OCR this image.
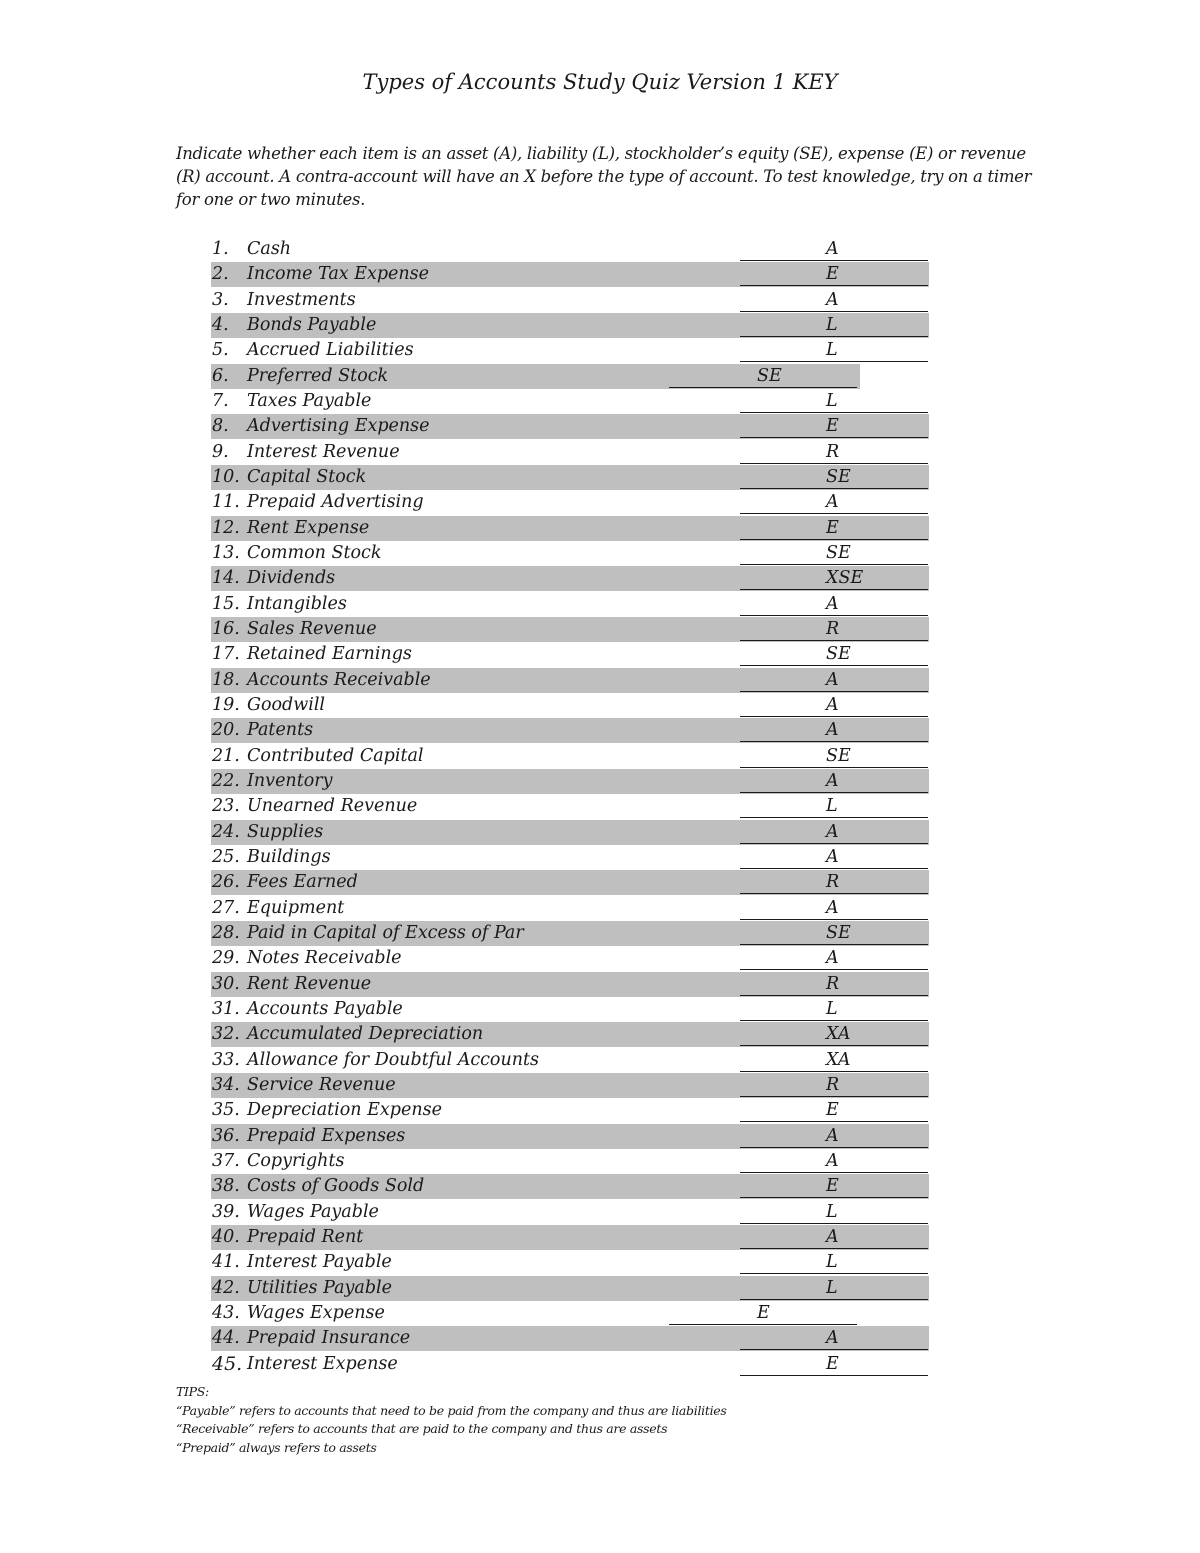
Types of Accounts Study Quiz Version 1 KEY
Indicate whether each item is an asset (A), liability (L), stockholder’s equity (SE), expense (E) or revenue (R) account. A contra-account will have an X before the type of account. To test knowledge, try on a timer for one or two minutes.
1.	Cash	A
2.	Income Tax Expense	E
3.	Investments	A
4.	Bonds Payable	L
5.	Accrued Liabilities	L
6.	Preferred Stock	SE
7.	Taxes Payable	L
8.	Advertising Expense	E
9.	Interest Revenue	R
10. Capital Stock	SE
11. Prepaid Advertising	A
12. Rent Expense	E
13. Common Stock	SE
14. Dividends	XSE
15. Intangibles	A
16. Sales Revenue	R
17. Retained Earnings	SE
18. Accounts Receivable	A
19. Goodwill	A
20. Patents	A
21. Contributed Capital	SE
22. Inventory	A
23. Unearned Revenue	L
24. Supplies	A
25. Buildings	A
26. Fees Earned	R
27. Equipment	A
28. Paid in Capital of Excess of Par	SE
29. Notes Receivable	A
30. Rent Revenue	R
31. Accounts Payable	L
32. Accumulated Depreciation	XA
33. Allowance for Doubtful Accounts	XA
34. Service Revenue	R
35. Depreciation Expense	E
36. Prepaid Expenses	A
37. Copyrights	A
38. Costs of Goods Sold	E
39. Wages Payable	L
40. Prepaid Rent	A
41. Interest Payable	L
42. Utilities Payable	L
43. Wages Expense	E
44. Prepaid Insurance	A
45. Interest Expense	E
TIPS:
“Payable” refers to accounts that need to be paid from the company and thus are liabilities
“Receivable” refers to accounts that are paid to the company and thus are assets
“Prepaid” always refers to assets
